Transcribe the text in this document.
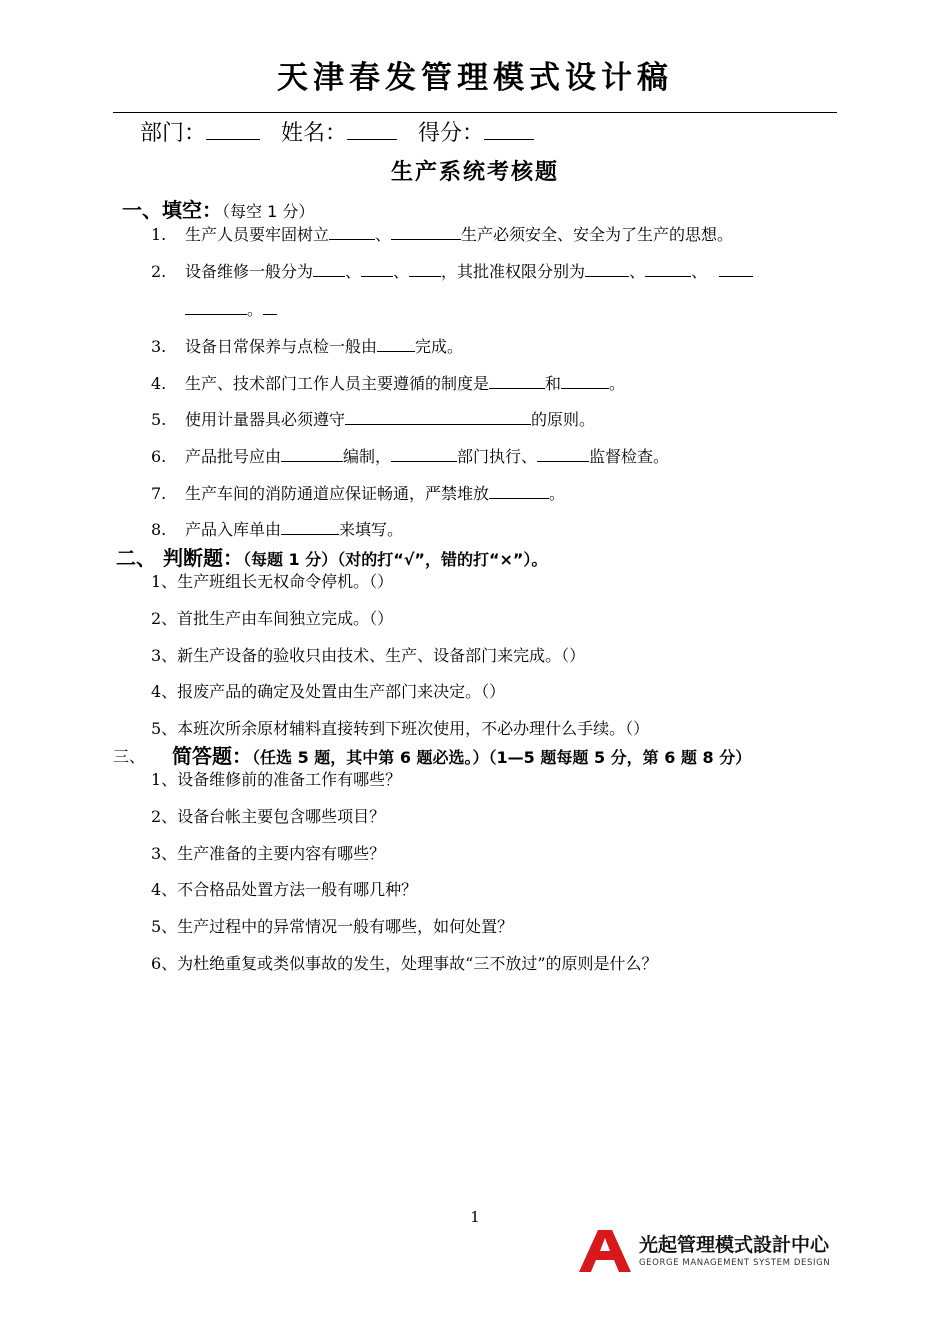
天津春发管理模式设计稿
部门：	姓名：	得分：
生产系统考核题
一、填空：（每空 1 分）
1. 生产人员要牢固树立	、	生产必须安全、安全为了生产的思想。
2. 设备维修一般分为 、 、 ，其批准权限分别为	、	、
。
3. 设备日常保养与点检一般由 完成。
4. 生产、技术部门工作人员主要遵循的制度是	和	。
5. 使用计量器具必须遵守	的原则。
6. 产品批号应由	编制，	部门执行、	监督检查。
7. 生产车间的消防通道应保证畅通，严禁堆放	。
8. 产品入库单由	来填写。
二、 判断题：（每题 1 分）（对的打“√”，错的打“×”）。
1、生产班组长无权命令停机。（）
2、首批生产由车间独立完成。（）
3、新生产设备的验收只由技术、生产、设备部门来完成。（）
4、报废产品的确定及处置由生产部门来决定。（）
5、本班次所余原材辅料直接转到下班次使用，不必办理什么手续。（）
三、 简答题：（任选 5 题，其中第 6 题必选。）（1—5 题每题 5 分，第 6 题 8 分）
1、设备维修前的准备工作有哪些？
2、设备台帐主要包含哪些项目？
3、生产准备的主要内容有哪些？
4、不合格品处置方法一般有哪几种？
5、生产过程中的异常情况一般有哪些，如何处置？
6、为杜绝重复或类似事故的发生，处理事故“三不放过”的原则是什么？
1
光起管理模式設計中心
GEORGE MANAGEMENT SYSTEM DESIGN
